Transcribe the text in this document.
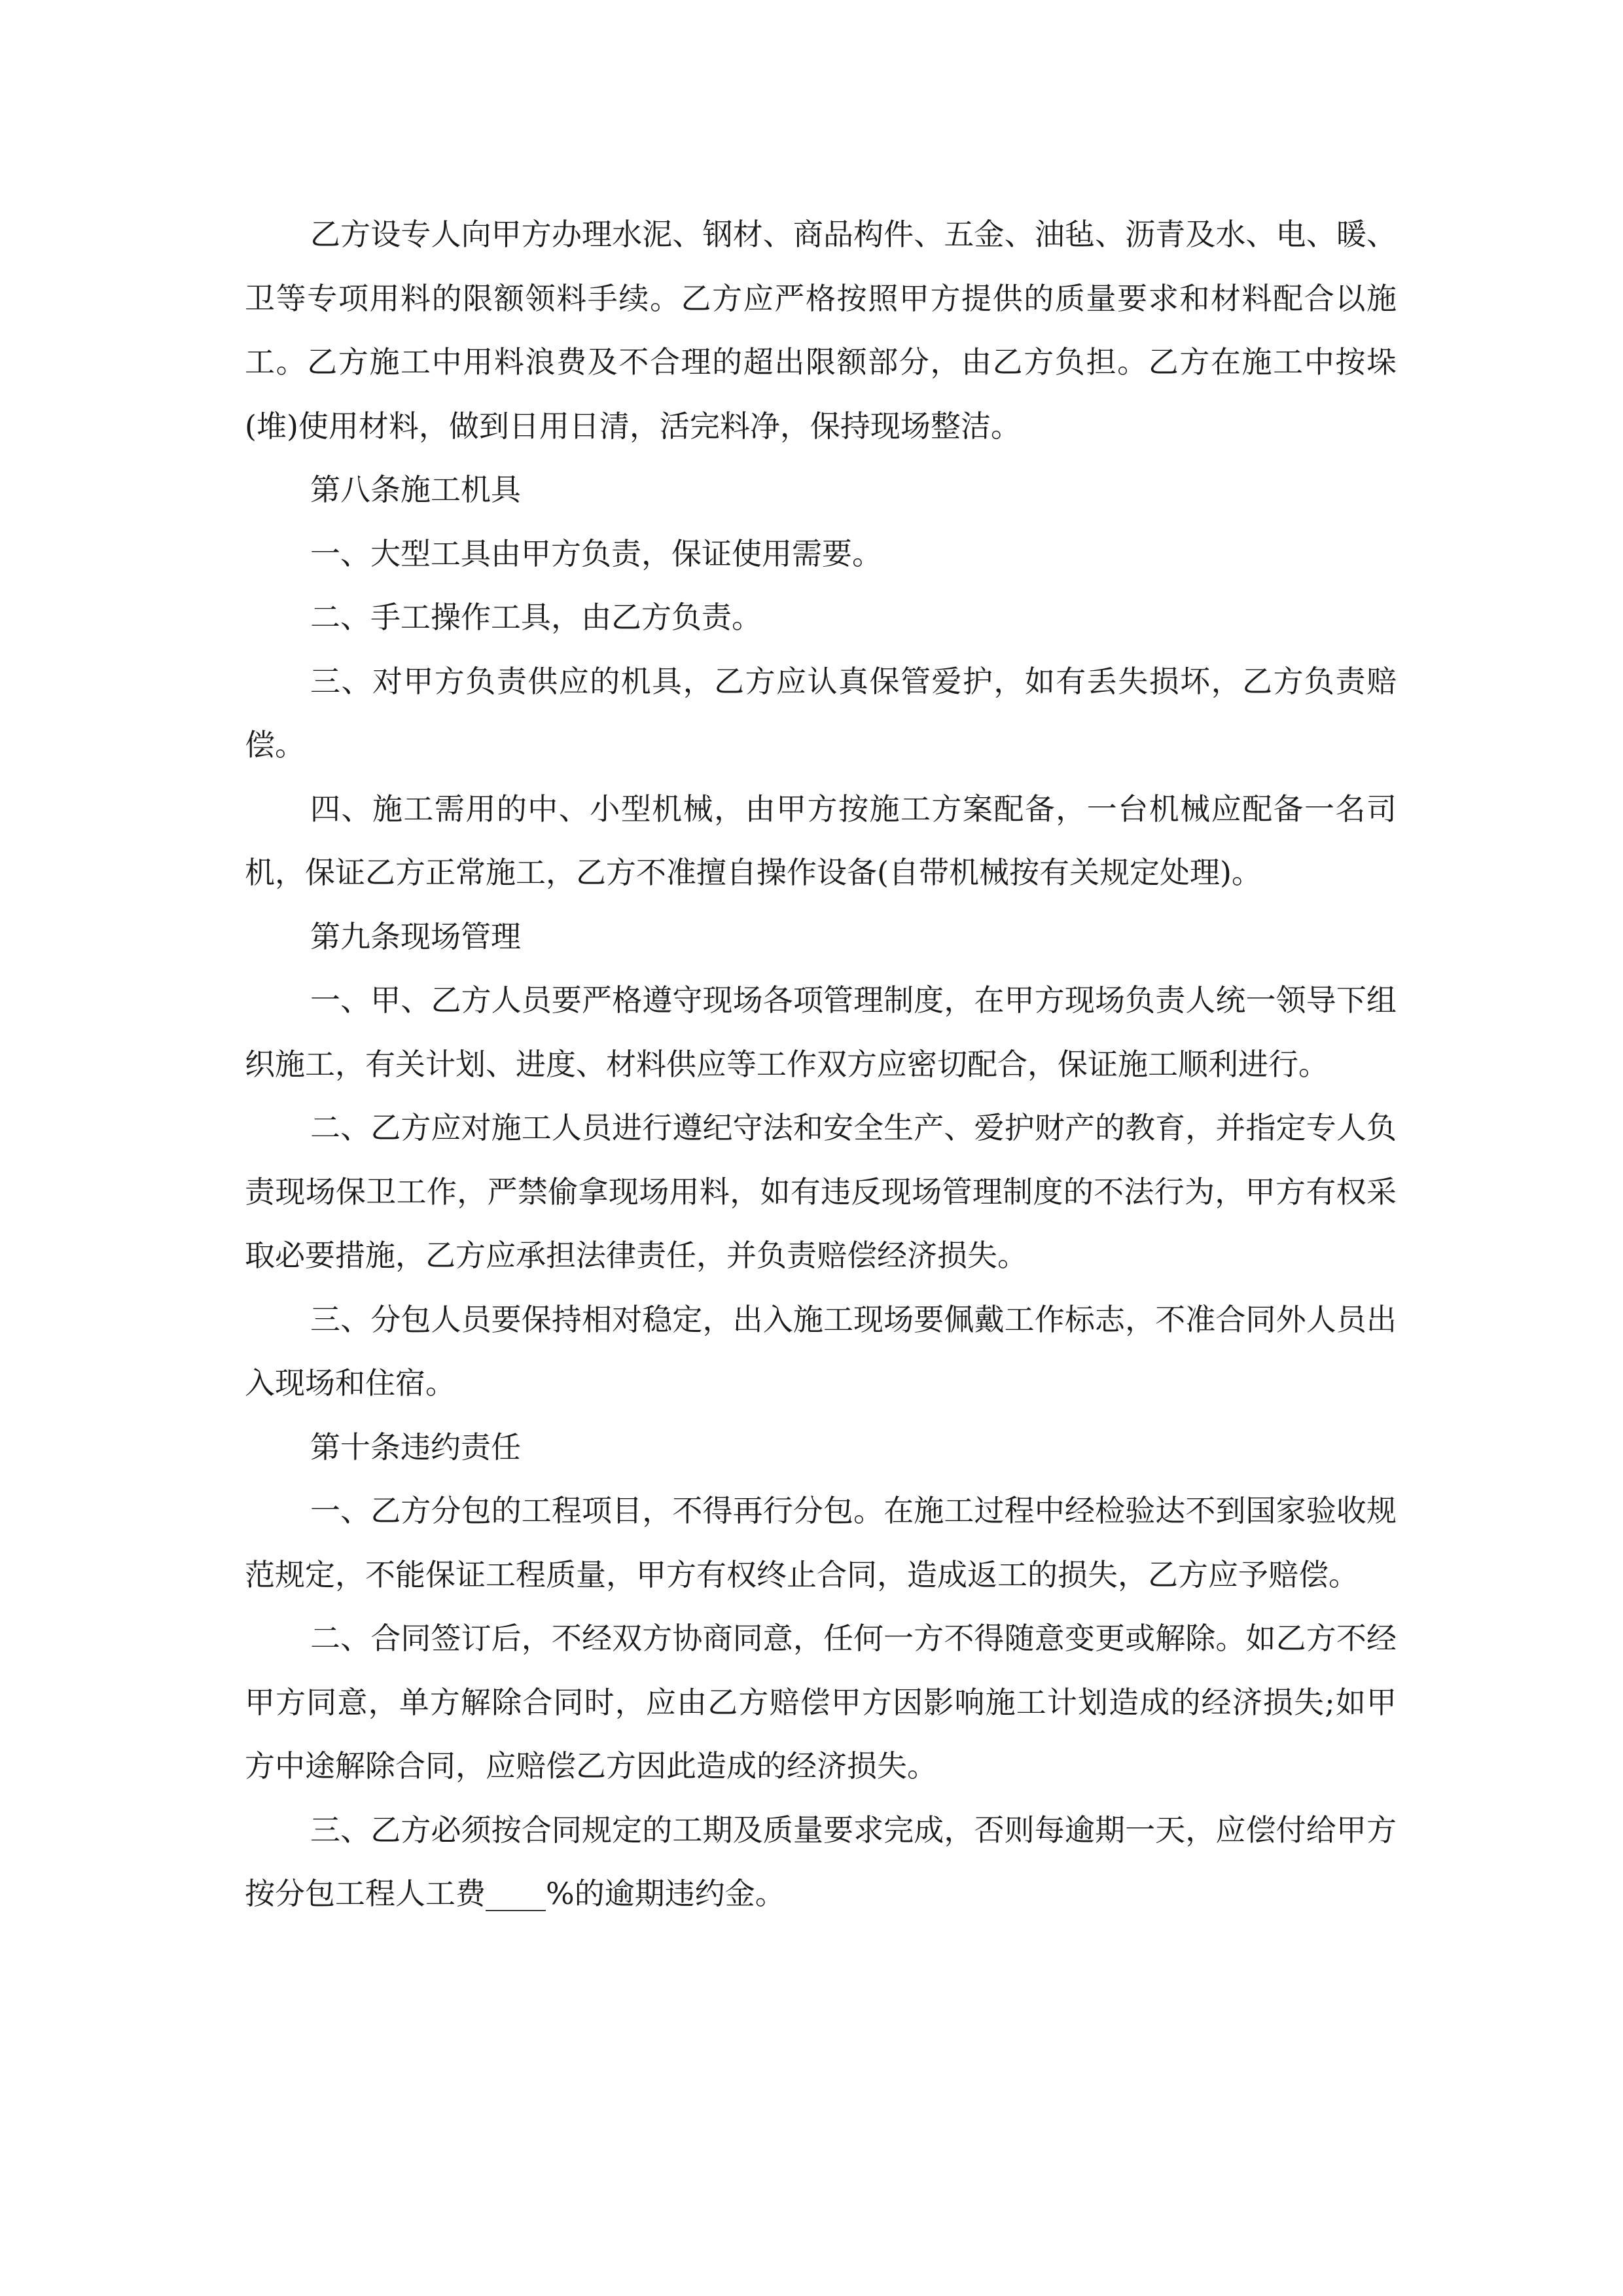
乙方设专人向甲方办理水泥、钢材、商品构件、五金、油毡、沥青及水、电、暖、卫等专项用料的限额领料手续。乙方应严格按照甲方提供的质量要求和材料配合以施工。乙方施工中用料浪费及不合理的超出限额部分，由乙方负担。乙方在施工中按垛(堆)使用材料，做到日用日清，活完料净，保持现场整洁。

第八条施工机具

一、大型工具由甲方负责，保证使用需要。

二、手工操作工具，由乙方负责。

三、对甲方负责供应的机具，乙方应认真保管爱护，如有丢失损坏，乙方负责赔偿。

四、施工需用的中、小型机械，由甲方按施工方案配备，一台机械应配备一名司机，保证乙方正常施工，乙方不准擅自操作设备(自带机械按有关规定处理)。

第九条现场管理

一、甲、乙方人员要严格遵守现场各项管理制度，在甲方现场负责人统一领导下组织施工，有关计划、进度、材料供应等工作双方应密切配合，保证施工顺利进行。

二、乙方应对施工人员进行遵纪守法和安全生产、爱护财产的教育，并指定专人负责现场保卫工作，严禁偷拿现场用料，如有违反现场管理制度的不法行为，甲方有权采取必要措施，乙方应承担法律责任，并负责赔偿经济损失。

三、分包人员要保持相对稳定，出入施工现场要佩戴工作标志，不准合同外人员出入现场和住宿。

第十条违约责任

一、乙方分包的工程项目，不得再行分包。在施工过程中经检验达不到国家验收规范规定，不能保证工程质量，甲方有权终止合同，造成返工的损失，乙方应予赔偿。

二、合同签订后，不经双方协商同意，任何一方不得随意变更或解除。如乙方不经甲方同意，单方解除合同时，应由乙方赔偿甲方因影响施工计划造成的经济损失;如甲方中途解除合同，应赔偿乙方因此造成的经济损失。

三、乙方必须按合同规定的工期及质量要求完成，否则每逾期一天，应偿付给甲方按分包工程人工费____%的逾期违约金。
